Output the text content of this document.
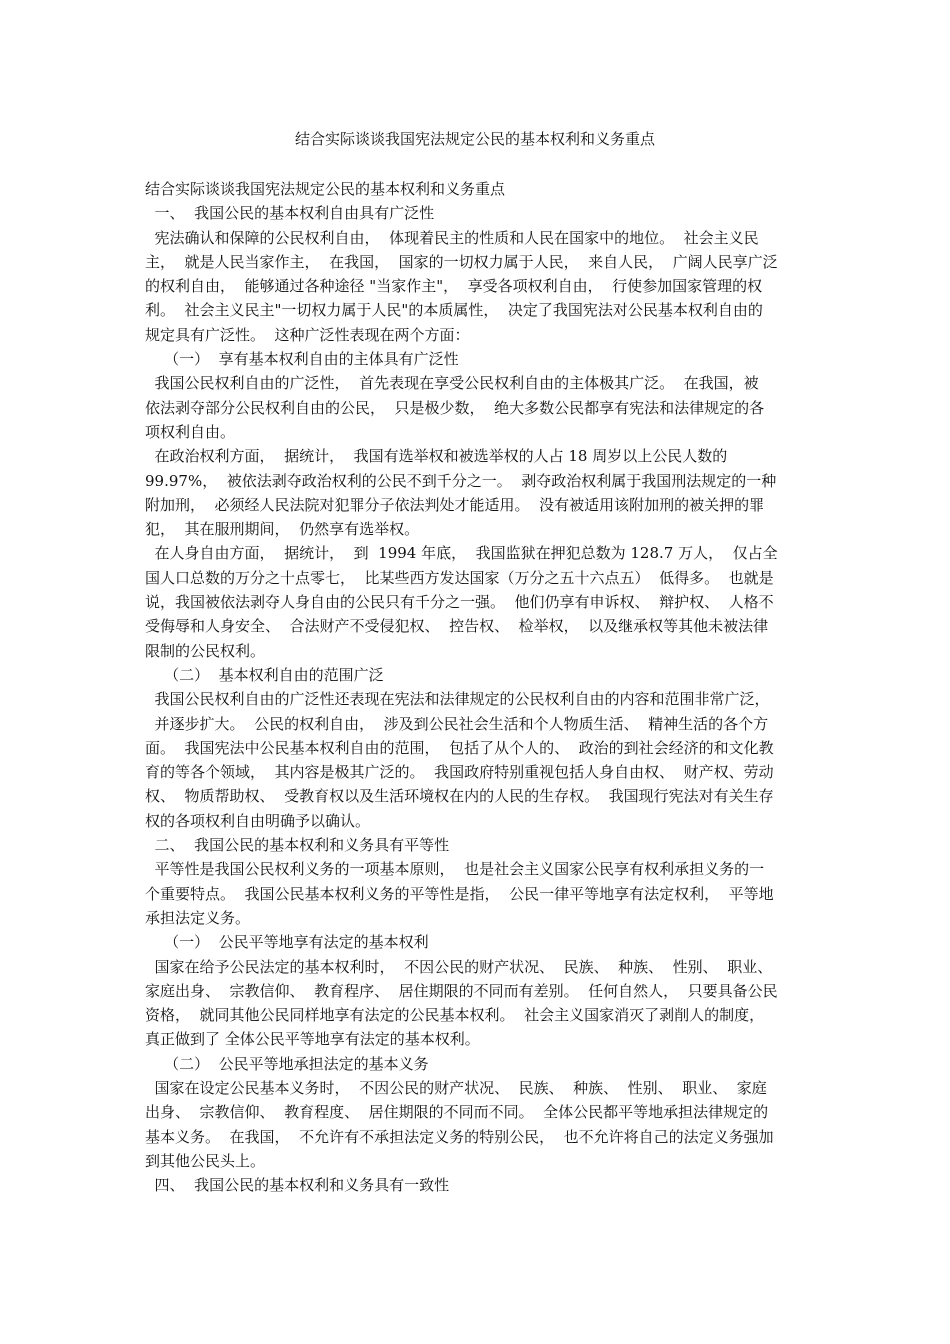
结合实际谈谈我国宪法规定公民的基本权利和义务重点

结合实际谈谈我国宪法规定公民的基本权利和义务重点

一、  我国公民的基本权利自由具有广泛性

宪法确认和保障的公民权利自由，  体现着民主的性质和人民在国家中的地位。  社会主义民

主，  就是人民当家作主，  在我国，  国家的一切权力属于人民，  来自人民，  广阔人民享广泛

的权利自由，  能够通过各种途径 "当家作主"，  享受各项权利自由，  行使参加国家管理的权

利。  社会主义民主"一切权力属于人民"的本质属性，  决定了我国宪法对公民基本权利自由的

规定具有广泛性。  这种广泛性表现在两个方面：

（一）  享有基本权利自由的主体具有广泛性

我国公民权利自由的广泛性，  首先表现在享受公民权利自由的主体极其广泛。  在我国，被

依法剥夺部分公民权利自由的公民，  只是极少数，  绝大多数公民都享有宪法和法律规定的各

项权利自由。

在政治权利方面，  据统计，  我国有选举权和被选举权的人占 18 周岁以上公民人数的

99.97%，  被依法剥夺政治权利的公民不到千分之一。  剥夺政治权利属于我国刑法规定的一种

附加刑，  必须经人民法院对犯罪分子依法判处才能适用。  没有被适用该附加刑的被关押的罪

犯，  其在服刑期间，  仍然享有选举权。

在人身自由方面，  据统计，  到  1994 年底，  我国监狱在押犯总数为 128.7 万人，  仅占全

国人口总数的万分之十点零七，  比某些西方发达国家（万分之五十六点五）  低得多。  也就是

说，我国被依法剥夺人身自由的公民只有千分之一强。  他们仍享有申诉权、  辩护权、  人格不

受侮辱和人身安全、  合法财产不受侵犯权、  控告权、  检举权，  以及继承权等其他未被法律

限制的公民权利。

（二）  基本权利自由的范围广泛

我国公民权利自由的广泛性还表现在宪法和法律规定的公民权利自由的内容和范围非常广泛，

并逐步扩大。  公民的权利自由，  涉及到公民社会生活和个人物质生活、  精神生活的各个方

面。  我国宪法中公民基本权利自由的范围，  包括了从个人的、  政治的到社会经济的和文化教

育的等各个领域，  其内容是极其广泛的。  我国政府特别重视包括人身自由权、  财产权、劳动

权、  物质帮助权、  受教育权以及生活环境权在内的人民的生存权。  我国现行宪法对有关生存

权的各项权利自由明确予以确认。

二、  我国公民的基本权利和义务具有平等性

平等性是我国公民权利义务的一项基本原则，  也是社会主义国家公民享有权利承担义务的一

个重要特点。  我国公民基本权利义务的平等性是指，  公民一律平等地享有法定权利，  平等地

承担法定义务。

（一）  公民平等地享有法定的基本权利

国家在给予公民法定的基本权利时，  不因公民的财产状况、  民族、  种族、  性别、  职业、

家庭出身、  宗教信仰、  教育程序、  居住期限的不同而有差别。  任何自然人，  只要具备公民

资格，  就同其他公民同样地享有法定的公民基本权利。  社会主义国家消灭了剥削人的制度，

真正做到了 全体公民平等地享有法定的基本权利。

（二）  公民平等地承担法定的基本义务

国家在设定公民基本义务时，  不因公民的财产状况、  民族、  种族、  性别、  职业、  家庭

出身、  宗教信仰、  教育程度、  居住期限的不同而不同。  全体公民都平等地承担法律规定的

基本义务。  在我国，  不允许有不承担法定义务的特别公民，  也不允许将自己的法定义务强加

到其他公民头上。

四、  我国公民的基本权利和义务具有一致性
